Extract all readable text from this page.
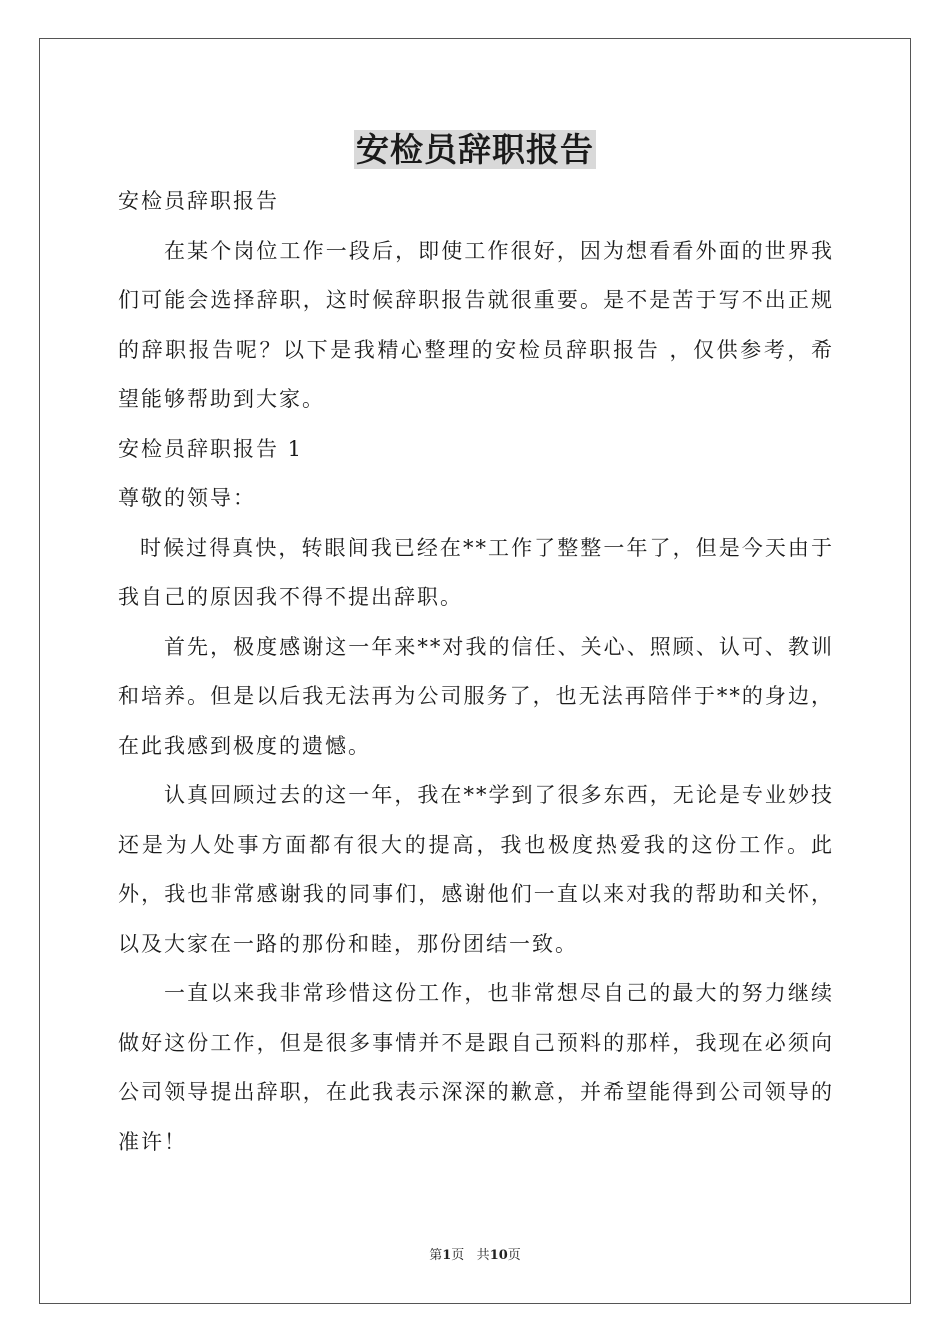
安检员辞职报告

安检员辞职报告

在某个岗位工作一段后，即使工作很好，因为想看看外面的世界我们可能会选择辞职，这时候辞职报告就很重要。是不是苦于写不出正规的辞职报告呢？以下是我精心整理的安检员辞职报告 ，仅供参考，希望能够帮助到大家。

安检员辞职报告 1

尊敬的领导：

时候过得真快，转眼间我已经在**工作了整整一年了，但是今天由于我自己的原因我不得不提出辞职。

首先，极度感谢这一年来**对我的信任、关心、照顾、认可、教训和培养。但是以后我无法再为公司服务了，也无法再陪伴于**的身边，在此我感到极度的遗憾。

认真回顾过去的这一年，我在**学到了很多东西，无论是专业妙技还是为人处事方面都有很大的提高，我也极度热爱我的这份工作。此外，我也非常感谢我的同事们，感谢他们一直以来对我的帮助和关怀，以及大家在一路的那份和睦，那份团结一致。

一直以来我非常珍惜这份工作，也非常想尽自己的最大的努力继续做好这份工作，但是很多事情并不是跟自己预料的那样，我现在必须向公司领导提出辞职，在此我表示深深的歉意，并希望能得到公司领导的准许！

第1页 共10页
